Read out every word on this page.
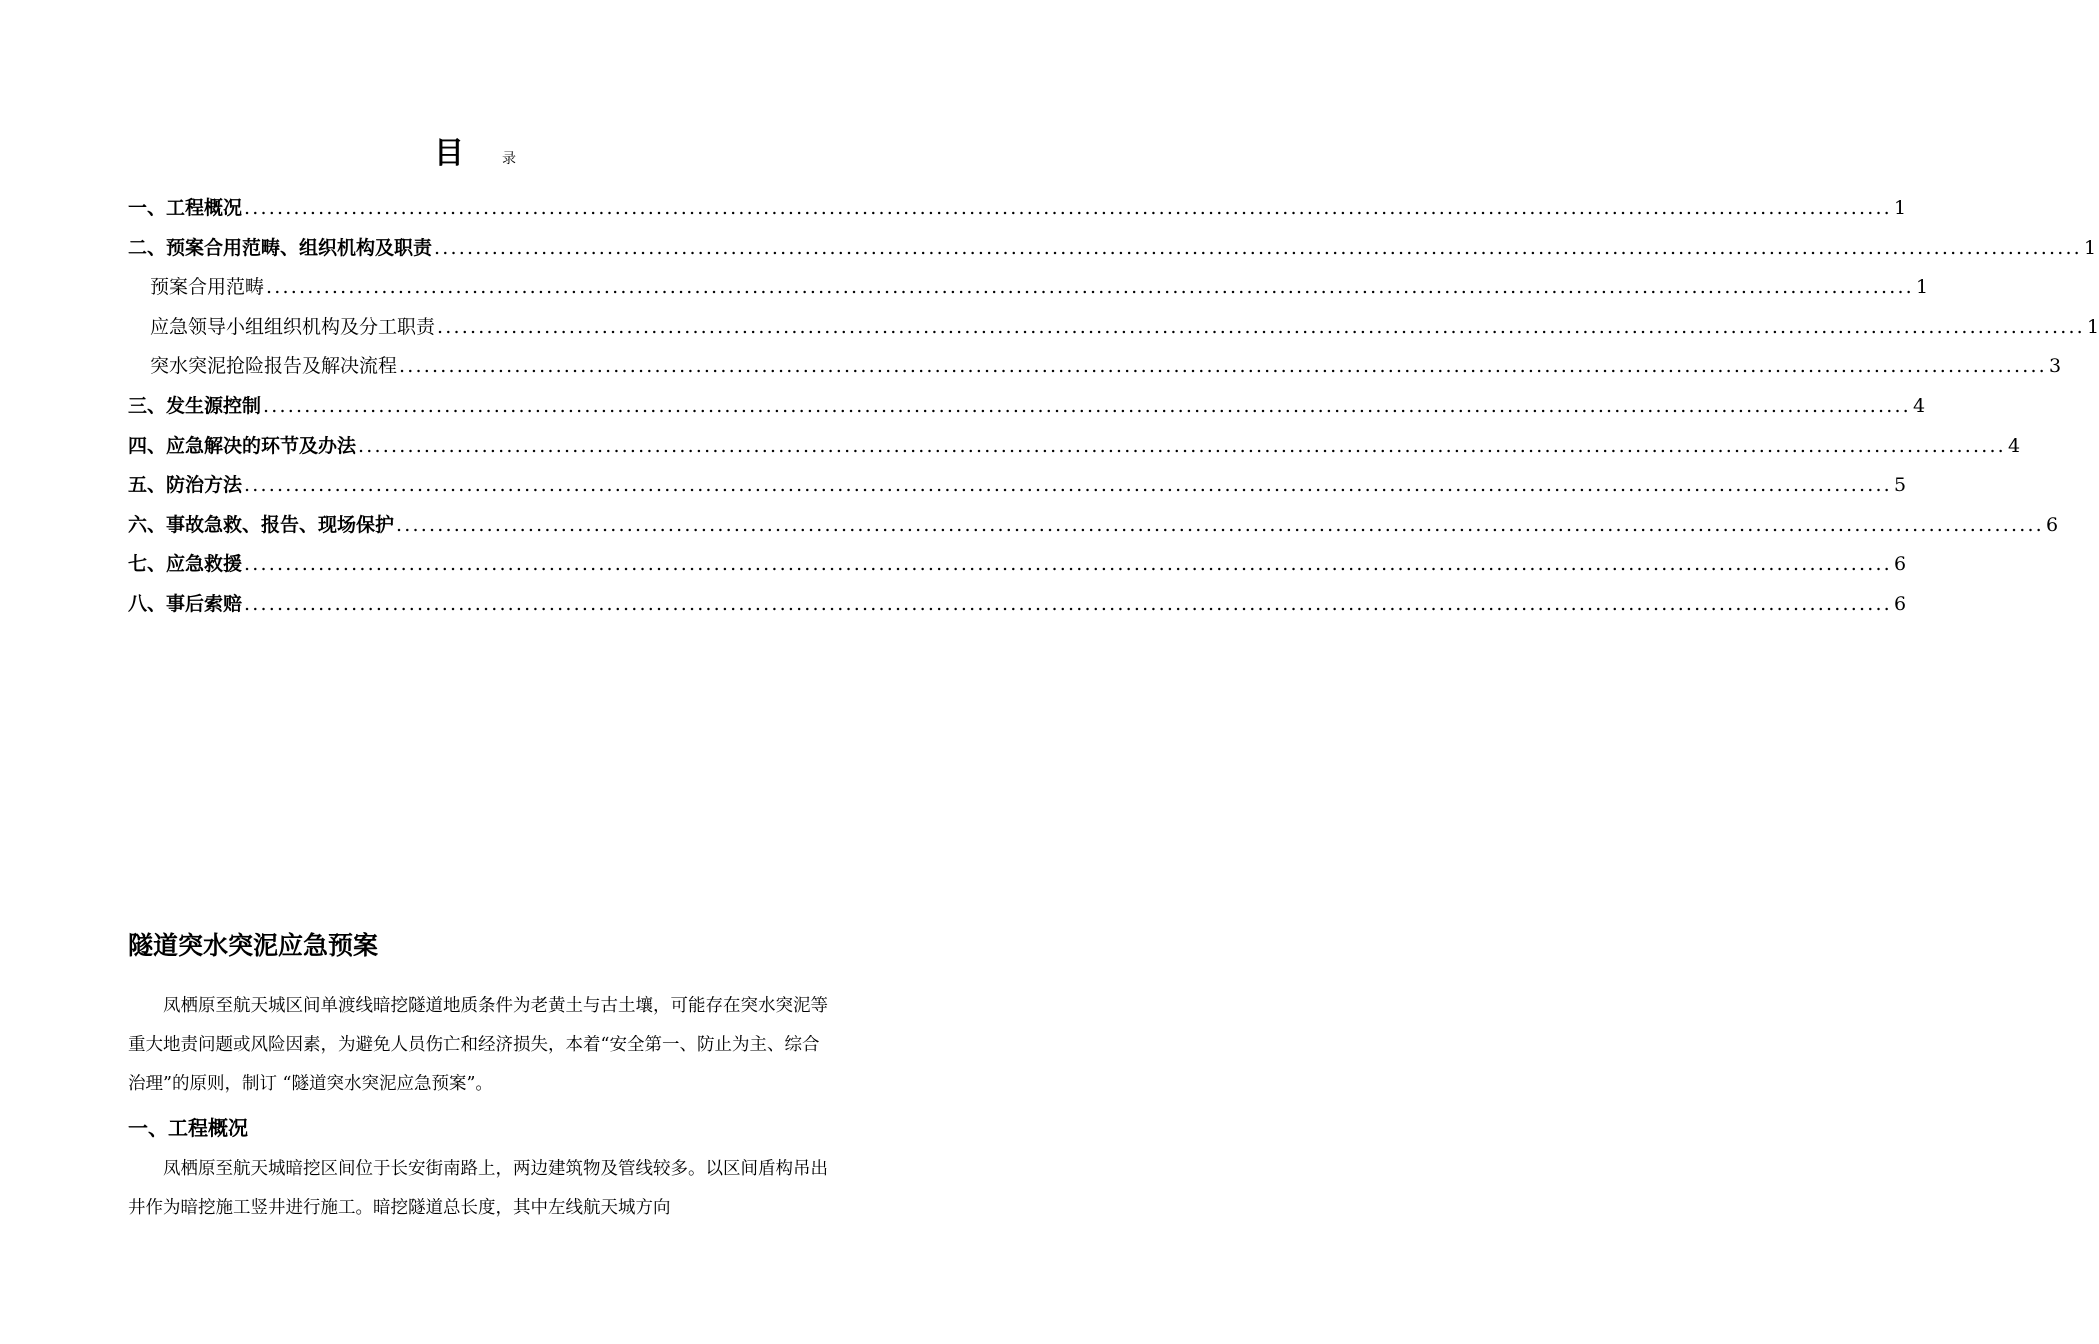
目	录
一、工程概况 ........................................................................................................................................................................................................ 1
二、预案合用范畴、组织机构及职责 ........................................................................................................................................................................................................ 1
预案合用范畴 ........................................................................................................................................................................................................ 1
应急领导小组组织机构及分工职责 ........................................................................................................................................................................................................ 1
突水突泥抢险报告及解决流程 ........................................................................................................................................................................................................ 3
三、发生源控制 ........................................................................................................................................................................................................ 4
四、应急解决的环节及办法 ........................................................................................................................................................................................................ 4
五、防治方法 ........................................................................................................................................................................................................ 5
六、事故急救、报告、现场保护 ........................................................................................................................................................................................................ 6
七、应急救援 ........................................................................................................................................................................................................ 6
八、事后索赔 ........................................................................................................................................................................................................ 6
隧道突水突泥应急预案
凤栖原至航天城区间单渡线暗挖隧道地质条件为老黄土与古土壤，可能存在突水突泥等重大地责问题或风险因素，为避免人员伤亡和经济损失，本着“安全第一、防止为主、综合治理”的原则，制订 “隧道突水突泥应急预案”。
一、工程概况
凤栖原至航天城暗挖区间位于长安街南路上，两边建筑物及管线较多。以区间盾构吊出井作为暗挖施工竖井进行施工。暗挖隧道总长度，其中左线航天城方向
